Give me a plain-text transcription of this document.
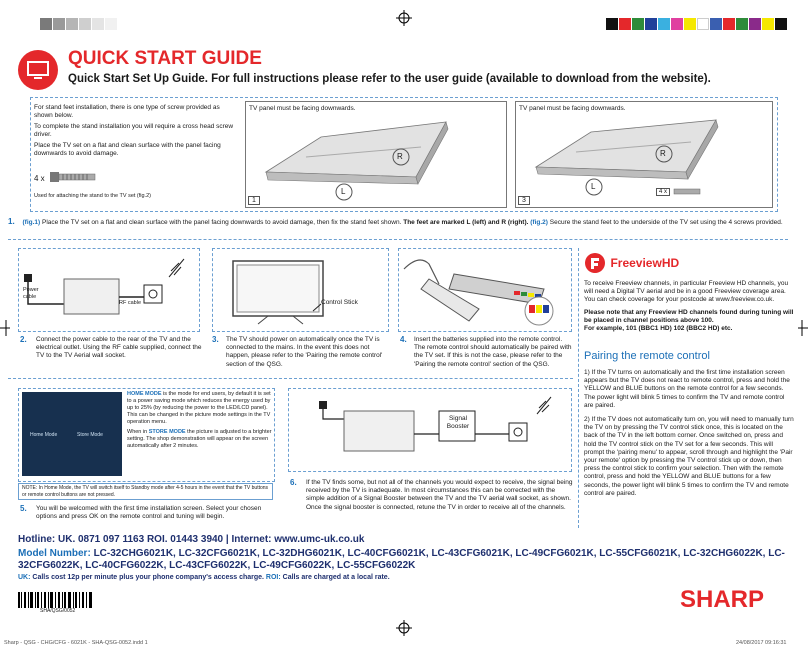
QUICK START GUIDE
Quick Start Set Up Guide. For full instructions please refer to the user guide (available to download from the website).
For stand feet installation, there is one type of screw provided as shown below.
To complete the stand installation you will require a cross head screw driver.
Place the TV set on a flat and clean surface with the panel facing downwards to avoid damage.
4 x
Used for attaching the stand to the TV set (fig.2)
TV panel must be facing downwards.
R
L
1
TV panel must be facing downwards.
R
L
4 x
3
1. (fig.1) Place the TV set on a flat and clean surface with the panel facing downwards to avoid damage, then fix the stand feet shown. The feet are marked L (left) and R (right). (fig.2) Secure the stand feet to the underside of the TV set using the 4 screws provided.
Power cable
RF cable
2.	Connect the power cable to the rear of the TV and the electrical outlet. Using the RF cable supplied, connect the TV to the TV Aerial wall socket.
Control Stick
3.	The TV should power on automatically once the TV is connected to the mains. In the event this does not happen, please refer to the 'Pairing the remote control' section of the QSG.
4.	Insert the batteries supplied into the remote control. The remote control should automatically be paired with the TV set. If this is not the case, please refer to the 'Pairing the remote control' section of the QSG.
FreeviewHD
To receive Freeview channels, in particular Freeview HD channels, you will need a Digital TV aerial and be in a good Freeview coverage area. You can check coverage for your postcode at www.freeview.co.uk.
Please note that any Freeview HD channels found during tuning will be placed in channel positions above 100.
For example, 101 (BBC1 HD) 102 (BBC2 HD) etc.
Pairing the remote control
1) If the TV turns on automatically and the first time installation screen appears but the TV does not react to remote control, press and hold the YELLOW and BLUE buttons on the remote control for a few seconds. The power light will blink 5 times to confirm the TV and remote control are paired.
2) If the TV does not automatically turn on, you will need to manually turn the TV on by pressing the TV control stick once, this is located on the back of the TV in the left bottom corner. Once switched on, press and hold the TV control stick on the TV set for a few seconds. This will prompt the 'pairing menu' to appear, scroll through and highlight the 'Pair your remote' option by pressing the TV control stick up or down, then press the control stick to confirm your selection. Then with the remote control, press and hold the YELLOW and BLUE buttons for a few seconds, the power light will blink 5 times to confirm the TV and remote control are paired.
Home Mode	Store Mode
HOME MODE is the mode for end users, by default it is set to a power saving mode which reduces the energy used by up to 25% (by reducing the power to the LED/LCD panel). This can be changed in the picture mode settings in the TV operation menu.
When in STORE MODE the picture is adjusted to a brighter setting. The shop demonstration will appear on the screen automatically after 2 minutes.
NOTE: In Home Mode, the TV will switch itself to Standby mode after 4-5 hours in the event that the TV buttons or remote control buttons are not pressed.
5.	You will be welcomed with the first time installation screen. Select your chosen options and press OK on the remote control and tuning will begin.
Signal Booster
6.	If the TV finds some, but not all of the channels you would expect to receive, the signal being received by the TV is inadequate. In most circumstances this can be corrected with the simple addition of a Signal Booster between the TV and the TV aerial wall socket, as shown. Once the signal booster is connected, retune the TV in order to receive all of the channels.
Hotline: UK. 0871 097 1163 ROI. 01443 3940 | Internet: www.umc-uk.co.uk
Model Number: LC-32CHG6021K, LC-32CFG6021K, LC-32DHG6021K, LC-40CFG6021K, LC-43CFG6021K, LC-49CFG6021K, LC-55CFG6021K, LC-32CHG6022K, LC-32CFG6022K, LC-40CFG6022K, LC-43CFG6022K, LC-49CFG6022K, LC-55CFG6022K
UK: Calls cost 12p per minute plus your phone company's access charge. ROI: Calls are charged at a local rate.
SHA/QSG/0052	SHARP
Sharp - QSG - CHG/CFG - 6021K - SHA-QSG-0052.indd 1	24/08/2017 09:16:31
